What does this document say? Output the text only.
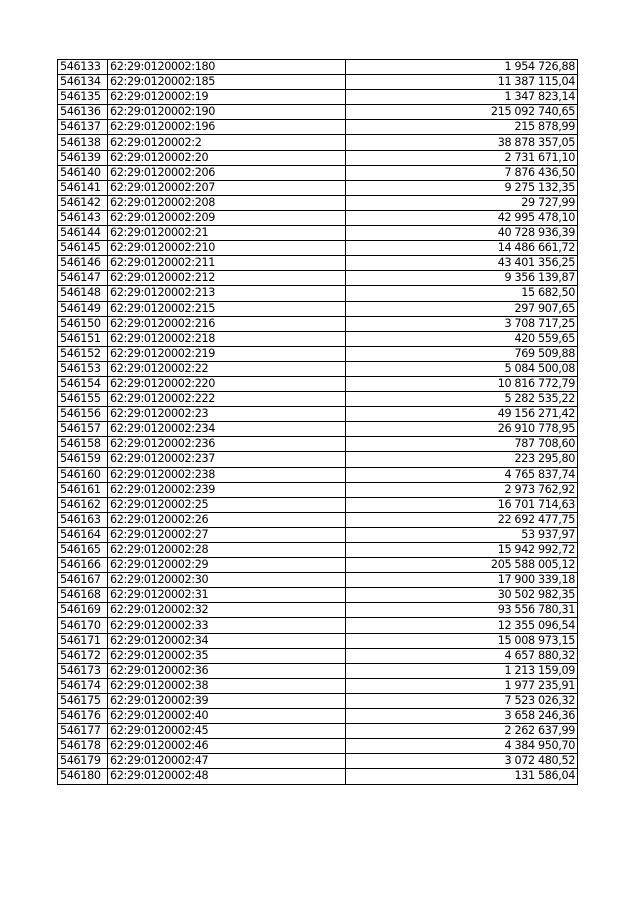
546133	62:29:0120002:180	1 954 726,88
546134	62:29:0120002:185	11 387 115,04
546135	62:29:0120002:19	1 347 823,14
546136	62:29:0120002:190	215 092 740,65
546137	62:29:0120002:196	215 878,99
546138	62:29:0120002:2	38 878 357,05
546139	62:29:0120002:20	2 731 671,10
546140	62:29:0120002:206	7 876 436,50
546141	62:29:0120002:207	9 275 132,35
546142	62:29:0120002:208	29 727,99
546143	62:29:0120002:209	42 995 478,10
546144	62:29:0120002:21	40 728 936,39
546145	62:29:0120002:210	14 486 661,72
546146	62:29:0120002:211	43 401 356,25
546147	62:29:0120002:212	9 356 139,87
546148	62:29:0120002:213	15 682,50
546149	62:29:0120002:215	297 907,65
546150	62:29:0120002:216	3 708 717,25
546151	62:29:0120002:218	420 559,65
546152	62:29:0120002:219	769 509,88
546153	62:29:0120002:22	5 084 500,08
546154	62:29:0120002:220	10 816 772,79
546155	62:29:0120002:222	5 282 535,22
546156	62:29:0120002:23	49 156 271,42
546157	62:29:0120002:234	26 910 778,95
546158	62:29:0120002:236	787 708,60
546159	62:29:0120002:237	223 295,80
546160	62:29:0120002:238	4 765 837,74
546161	62:29:0120002:239	2 973 762,92
546162	62:29:0120002:25	16 701 714,63
546163	62:29:0120002:26	22 692 477,75
546164	62:29:0120002:27	53 937,97
546165	62:29:0120002:28	15 942 992,72
546166	62:29:0120002:29	205 588 005,12
546167	62:29:0120002:30	17 900 339,18
546168	62:29:0120002:31	30 502 982,35
546169	62:29:0120002:32	93 556 780,31
546170	62:29:0120002:33	12 355 096,54
546171	62:29:0120002:34	15 008 973,15
546172	62:29:0120002:35	4 657 880,32
546173	62:29:0120002:36	1 213 159,09
546174	62:29:0120002:38	1 977 235,91
546175	62:29:0120002:39	7 523 026,32
546176	62:29:0120002:40	3 658 246,36
546177	62:29:0120002:45	2 262 637,99
546178	62:29:0120002:46	4 384 950,70
546179	62:29:0120002:47	3 072 480,52
546180	62:29:0120002:48	131 586,04
